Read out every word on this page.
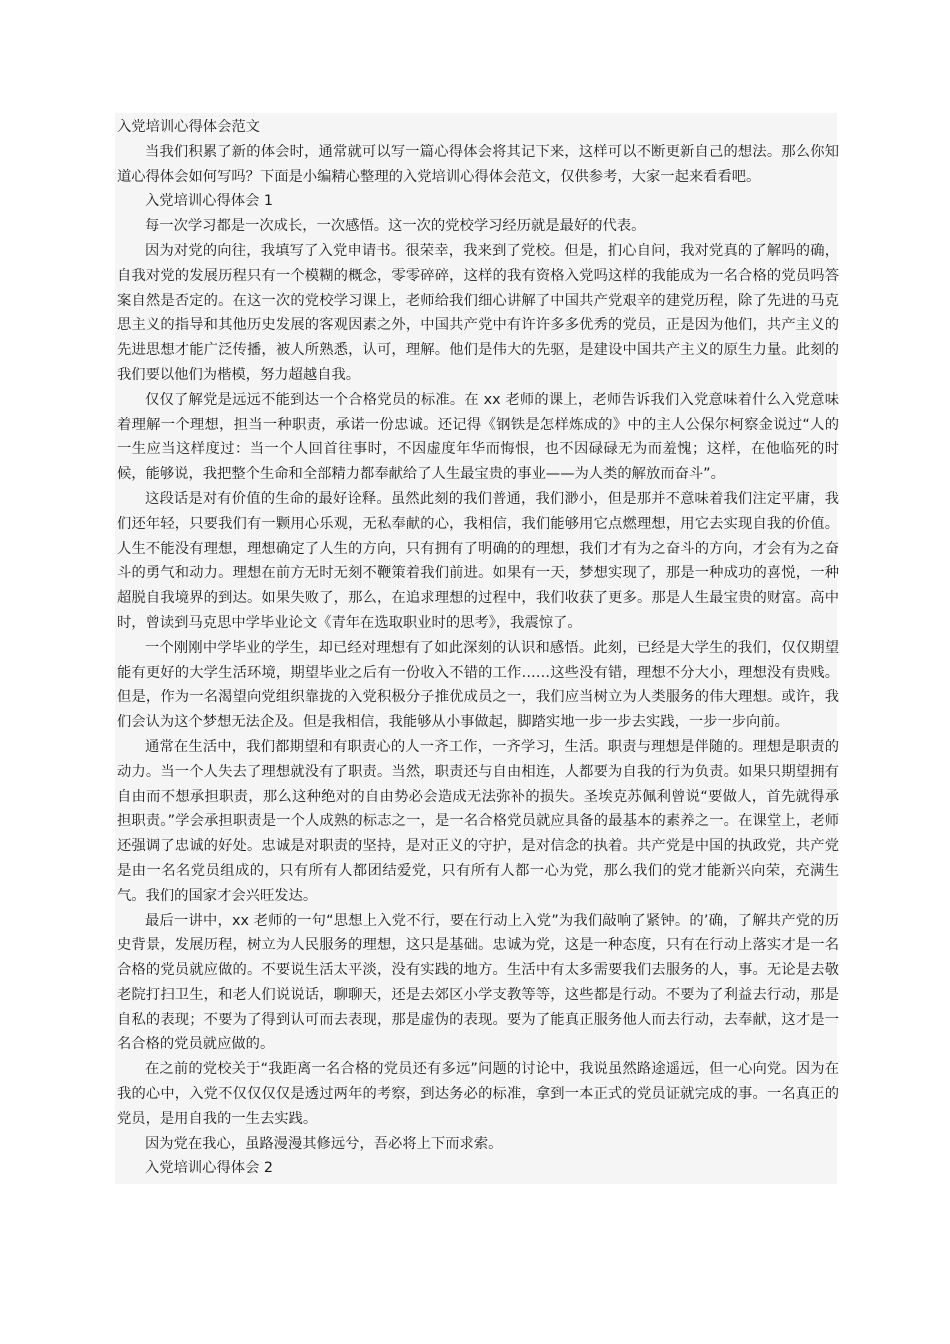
入党培训心得体会范文

当我们积累了新的体会时，通常就可以写一篇心得体会将其记下来，这样可以不断更新自己的想法。那么你知道心得体会如何写吗？下面是小编精心整理的入党培训心得体会范文，仅供参考，大家一起来看看吧。

入党培训心得体会 1

每一次学习都是一次成长，一次感悟。这一次的党校学习经历就是最好的代表。

因为对党的向往，我填写了入党申请书。很荣幸，我来到了党校。但是，扪心自问，我对党真的了解吗的确，自我对党的发展历程只有一个模糊的概念，零零碎碎，这样的我有资格入党吗这样的我能成为一名合格的党员吗答案自然是否定的。在这一次的党校学习课上，老师给我们细心讲解了中国共产党艰辛的建党历程，除了先进的马克思主义的指导和其他历史发展的客观因素之外，中国共产党中有许许多多优秀的党员，正是因为他们，共产主义的先进思想才能广泛传播，被人所熟悉，认可，理解。他们是伟大的先驱，是建设中国共产主义的原生力量。此刻的我们要以他们为楷模，努力超越自我。

仅仅了解党是远远不能到达一个合格党员的标准。在 xx 老师的课上，老师告诉我们入党意味着什么入党意味着理解一个理想，担当一种职责，承诺一份忠诚。还记得《钢铁是怎样炼成的》中的主人公保尔柯察金说过“人的一生应当这样度过：当一个人回首往事时，不因虚度年华而悔恨，也不因碌碌无为而羞愧；这样，在他临死的时候，能够说，我把整个生命和全部精力都奉献给了人生最宝贵的事业——为人类的解放而奋斗”。

这段话是对有价值的生命的最好诠释。虽然此刻的我们普通，我们渺小，但是那并不意味着我们注定平庸，我们还年轻，只要我们有一颗用心乐观，无私奉献的心，我相信，我们能够用它点燃理想，用它去实现自我的价值。人生不能没有理想，理想确定了人生的方向，只有拥有了明确的的理想，我们才有为之奋斗的方向，才会有为之奋斗的勇气和动力。理想在前方无时无刻不鞭策着我们前进。如果有一天，梦想实现了，那是一种成功的喜悦，一种超脱自我境界的到达。如果失败了，那么，在追求理想的过程中，我们收获了更多。那是人生最宝贵的财富。高中时，曾读到马克思中学毕业论文《青年在选取职业时的思考》，我震惊了。

一个刚刚中学毕业的学生，却已经对理想有了如此深刻的认识和感悟。此刻，已经是大学生的我们，仅仅期望能有更好的大学生活环境，期望毕业之后有一份收入不错的工作……这些没有错，理想不分大小，理想没有贵贱。但是，作为一名渴望向党组织靠拢的入党积极分子推优成员之一，我们应当树立为人类服务的伟大理想。或许，我们会认为这个梦想无法企及。但是我相信，我能够从小事做起，脚踏实地一步一步去实践，一步一步向前。

通常在生活中，我们都期望和有职责心的人一齐工作，一齐学习，生活。职责与理想是伴随的。理想是职责的动力。当一个人失去了理想就没有了职责。当然，职责还与自由相连，人都要为自我的行为负责。如果只期望拥有自由而不想承担职责，那么这种绝对的自由势必会造成无法弥补的损失。圣埃克苏佩利曾说“要做人，首先就得承担职责。”学会承担职责是一个人成熟的标志之一，是一名合格党员就应具备的最基本的素养之一。在课堂上，老师还强调了忠诚的好处。忠诚是对职责的坚持，是对正义的守护，是对信念的执着。共产党是中国的执政党，共产党是由一名名党员组成的，只有所有人都团结爱党，只有所有人都一心为党，那么我们的党才能新兴向荣，充满生气。我们的国家才会兴旺发达。

最后一讲中，xx 老师的一句“思想上入党不行，要在行动上入党”为我们敲响了紧钟。的’确，了解共产党的历史背景，发展历程，树立为人民服务的理想，这只是基础。忠诚为党，这是一种态度，只有在行动上落实才是一名合格的党员就应做的。不要说生活太平淡，没有实践的地方。生活中有太多需要我们去服务的人，事。无论是去敬老院打扫卫生，和老人们说说话，聊聊天，还是去郊区小学支教等等，这些都是行动。不要为了利益去行动，那是自私的表现；不要为了得到认可而去表现，那是虚伪的表现。要为了能真正服务他人而去行动，去奉献，这才是一名合格的党员就应做的。

在之前的党校关于“我距离一名合格的党员还有多远”问题的讨论中，我说虽然路途遥远，但一心向党。因为在我的心中，入党不仅仅仅仅是透过两年的考察，到达务必的标准，拿到一本正式的党员证就完成的事。一名真正的党员，是用自我的一生去实践。

因为党在我心，虽路漫漫其修远兮，吾必将上下而求索。

入党培训心得体会 2
